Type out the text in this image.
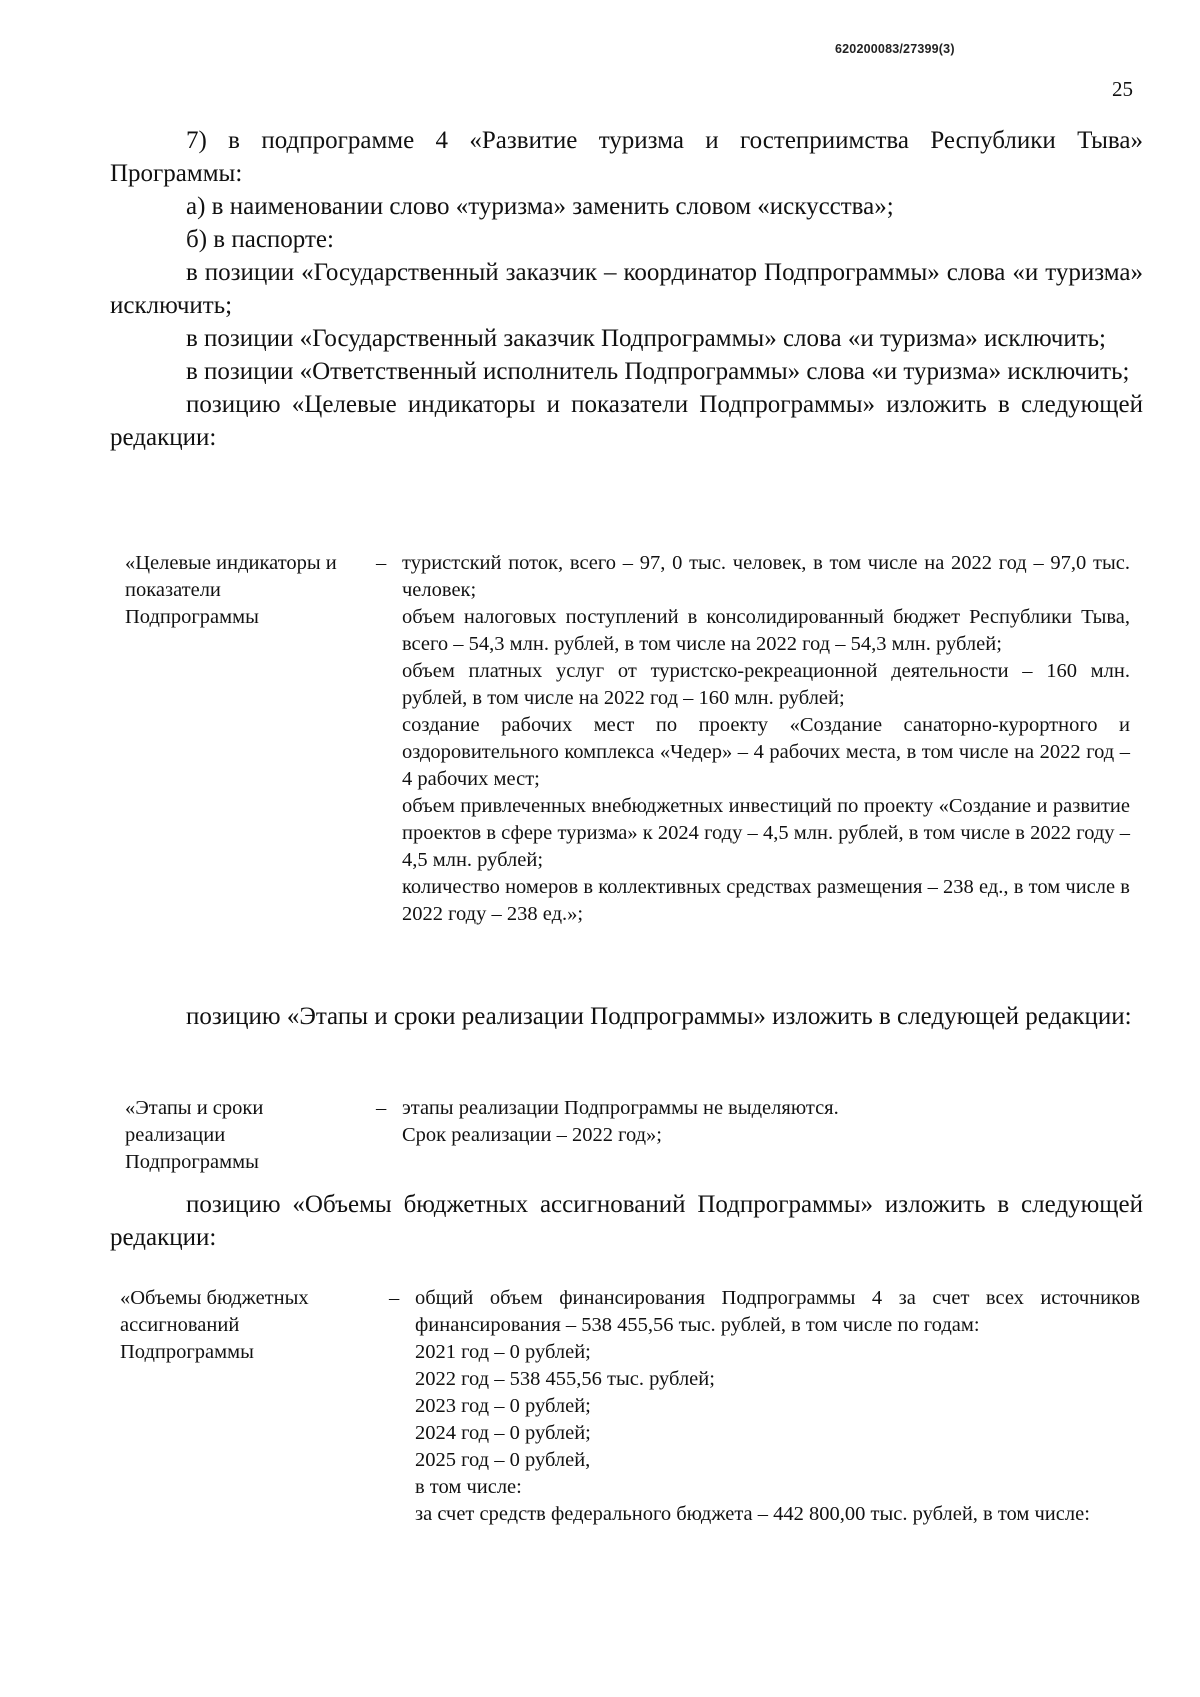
620200083/27399(3)
25

7) в подпрограмме 4 «Развитие туризма и гостеприимства Республики Тыва» Программы:

а) в наименовании слово «туризма» заменить словом «искусства»;

б) в паспорте:

в позиции «Государственный заказчик – координатор Подпрограммы» слова «и туризма» исключить;

в позиции «Государственный заказчик Подпрограммы» слова «и туризма» исключить;

в позиции «Ответственный исполнитель Подпрограммы» слова «и туризма» исключить;

позицию «Целевые индикаторы и показатели Подпрограммы» изложить в следующей редакции:

«Целевые индикаторы и показатели Подпрограммы
– туристский поток, всего – 97, 0 тыс. человек, в том числе на 2022 год – 97,0 тыс. человек;

объем налоговых поступлений в консолидированный бюджет Республики Тыва, всего – 54,3 млн. рублей, в том числе на 2022 год – 54,3 млн. рублей;

объем платных услуг от туристско-рекреационной деятельности – 160 млн. рублей, в том числе на 2022 год – 160 млн. рублей;

создание рабочих мест по проекту «Создание санаторно-курортного и оздоровительного комплекса «Чедер» – 4 рабочих места, в том числе на 2022 год – 4 рабочих мест;

объем привлеченных внебюджетных инвестиций по проекту «Создание и развитие проектов в сфере туризма» к 2024 году – 4,5 млн. рублей, в том числе в 2022 году – 4,5 млн. рублей;

количество номеров в коллективных средствах размещения – 238 ед., в том числе в 2022 году – 238 ед.»;

позицию «Этапы и сроки реализации Подпрограммы» изложить в следующей редакции:

«Этапы и сроки реализации Подпрограммы
– этапы реализации Подпрограммы не выделяются.

Срок реализации – 2022 год»;

позицию «Объемы бюджетных ассигнований Подпрограммы» изложить в следующей редакции:

«Объемы бюджетных ассигнований Подпрограммы
– общий объем финансирования Подпрограммы 4 за счет всех источников финансирования – 538 455,56 тыс. рублей, в том числе по годам:

2021 год – 0 рублей;

2022 год – 538 455,56 тыс. рублей;

2023 год – 0 рублей;

2024 год – 0 рублей;

2025 год – 0 рублей,

в том числе:

за счет средств федерального бюджета – 442 800,00 тыс. рублей, в том числе:
